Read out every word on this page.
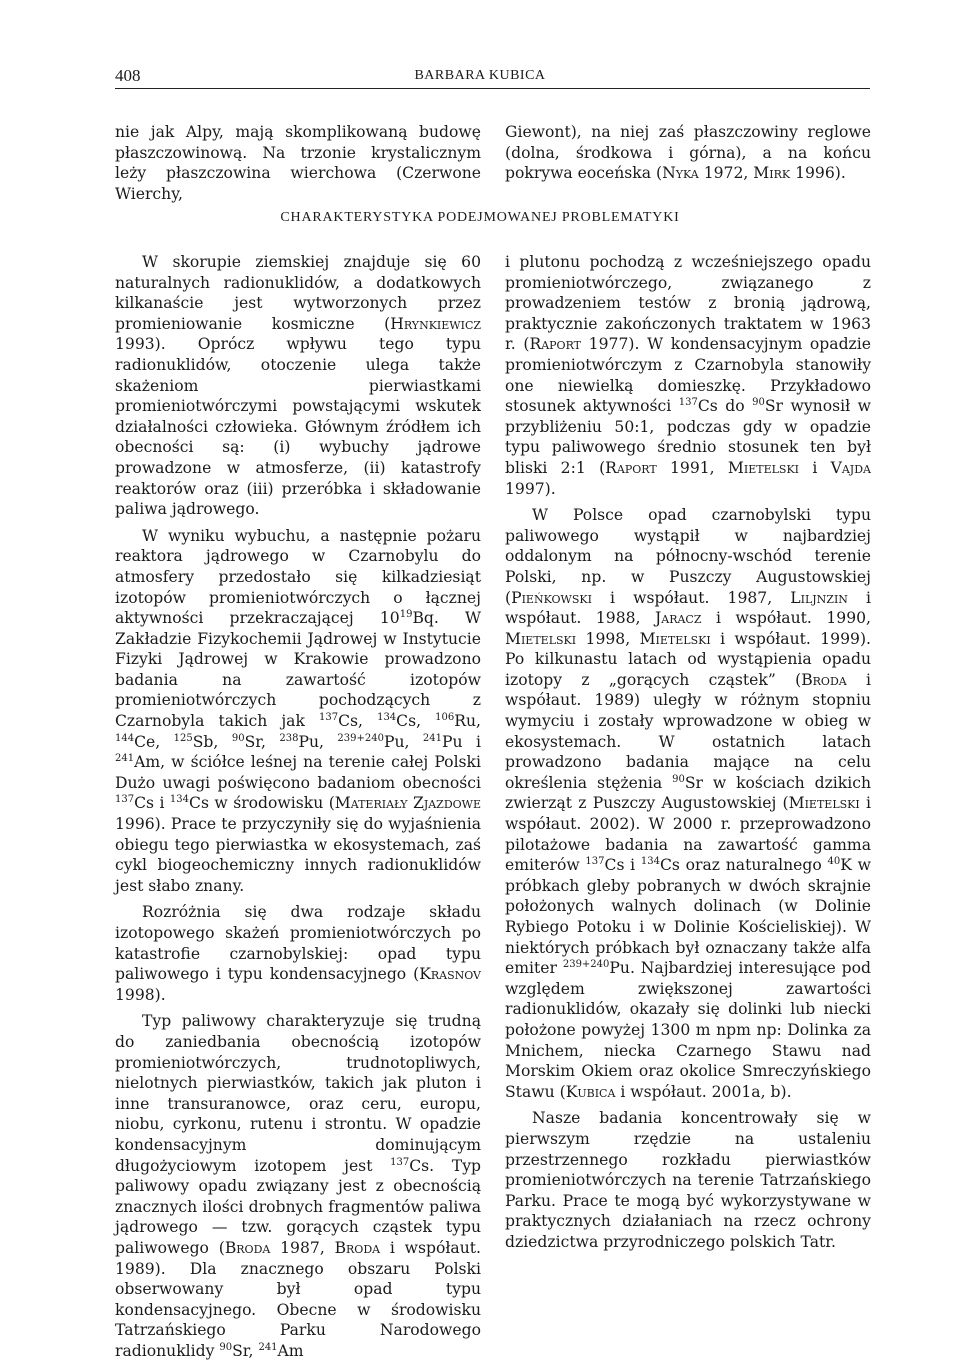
408	BARBARA KUBICA

nie jak Alpy, mają skomplikowaną budowę płaszczowinową. Na trzonie krystalicznym leży płaszczowina wierchowa (Czerwone Wierchy,

Giewont), na niej zaś płaszczowiny reglowe (dolna, środkowa i górna), a na końcu pokrywa eoceńska (Nyka 1972, Mirk 1996).

CHARAKTERYSTYKA PODEJMOWANEJ PROBLEMATYKI

W skorupie ziemskiej znajduje się 60 naturalnych radionuklidów, a dodatkowych kilkanaście jest wytworzonych przez promieniowanie kosmiczne (Hrynkiewicz 1993). Oprócz wpływu tego typu radionuklidów, otoczenie ulega także skażeniom pierwiastkami promieniotwórczymi powstającymi wskutek działalności człowieka. Głównym źródłem ich obecności są: (i) wybuchy jądrowe prowadzone w atmosferze, (ii) katastrofy reaktorów oraz (iii) przeróbka i składowanie paliwa jądrowego.

W wyniku wybuchu, a następnie pożaru reaktora jądrowego w Czarnobylu do atmosfery przedostało się kilkadziesiąt izotopów promieniotwórczych o łącznej aktywności przekraczającej $10^{19}Bq$. W Zakładzie Fizykochemii Jądrowej w Instytucie Fizyki Jądrowej w Krakowie prowadzono badania na zawartość izotopów promieniotwórczych pochodzących z Czarnobyla takich jak $^{137}$Cs, $^{134}$Cs, $^{106}$Ru, $^{144}$Ce, $^{125}$Sb, $^{90}$Sr, $^{238}$Pu, $^{239+240}$Pu, $^{241}$Pu i $^{241}$Am, w ściółce leśnej na terenie całej Polski Dużo uwagi poświęcono badaniom obecności $^{137}$Cs i $^{134}$Cs w środowisku (Materiały Zjazdowe 1996). Prace te przyczyniły się do wyjaśnienia obiegu tego pierwiastka w ekosystemach, zaś cykl biogeochemiczny innych radionuklidów jest słabo znany.

Rozróżnia się dwa rodzaje składu izotopowego skażeń promieniotwórczych po katastrofie czarnobylskiej: opad typu paliwowego i typu kondensacyjnego (Krasnov 1998).

Typ paliwowy charakteryzuje się trudną do zaniedbania obecnością izotopów promieniotwórczych, trudnotopliwych, nielotnych pierwiastków, takich jak pluton i inne transuranowce, oraz ceru, europu, niobu, cyrkonu, rutenu i strontu. W opadzie kondensacyjnym dominującym długożyciowym izotopem jest $^{137}$Cs. Typ paliwowy opadu związany jest z obecnością znacznych ilości drobnych fragmentów paliwa jądrowego — tzw. gorących cząstek typu paliwowego (Broda 1987, Broda i współaut. 1989). Dla znacznego obszaru Polski obserwowany był opad typu kondensacyjnego. Obecne w środowisku Tatrzańskiego Parku Narodowego radionuklidy $^{90}$Sr, $^{241}$Am

i plutonu pochodzą z wcześniejszego opadu promieniotwórczego, związanego z prowadzeniem testów z bronią jądrową, praktycznie zakończonych traktatem w 1963 r. (Raport 1977). W kondensacyjnym opadzie promieniotwórczym z Czarnobyla stanowiły one niewielką domieszkę. Przykładowo stosunek aktywności $^{137}$Cs do $^{90}$Sr wynosił w przybliżeniu 50:1, podczas gdy w opadzie typu paliwowego średnio stosunek ten był bliski 2:1 (Raport 1991, Mietelski i Vajda 1997).

W Polsce opad czarnobylski typu paliwowego wystąpił w najbardziej oddalonym na północny-wschód terenie Polski, np. w Puszczy Augustowskiej (Pieńkowski i współaut. 1987, Liljnzin i współaut. 1988, Jaracz i współaut. 1990, Mietelski 1998, Mietelski i współaut. 1999). Po kilkunastu latach od wystąpienia opadu izotopy z „gorących cząstek” (Broda i współaut. 1989) uległy w różnym stopniu wymyciu i zostały wprowadzone w obieg w ekosystemach. W ostatnich latach prowadzono badania mające na celu określenia stężenia $^{90}$Sr w kościach dzikich zwierząt z Puszczy Augustowskiej (Mietelski i współaut. 2002). W 2000 r. przeprowadzono pilotażowe badania na zawartość gamma emiterów $^{137}$Cs i $^{134}$Cs oraz naturalnego $^{40}$K w próbkach gleby pobranych w dwóch skrajnie położonych walnych dolinach (w Dolinie Rybiego Potoku i w Dolinie Kościeliskiej). W niektórych próbkach był oznaczany także alfa emiter $^{239+240}$Pu. Najbardziej interesujące pod względem zwiększonej zawartości radionuklidów, okazały się dolinki lub niecki położone powyżej 1300 m npm np: Dolinka za Mnichem, niecka Czarnego Stawu nad Morskim Okiem oraz okolice Smreczyńskiego Stawu (Kubica i współaut. 2001a, b).

Nasze badania koncentrowały się w pierwszym rzędzie na ustaleniu przestrzennego rozkładu pierwiastków promieniotwórczych na terenie Tatrzańskiego Parku. Prace te mogą być wykorzystywane w praktycznych działaniach na rzecz ochrony dziedzictwa przyrodniczego polskich Tatr.
